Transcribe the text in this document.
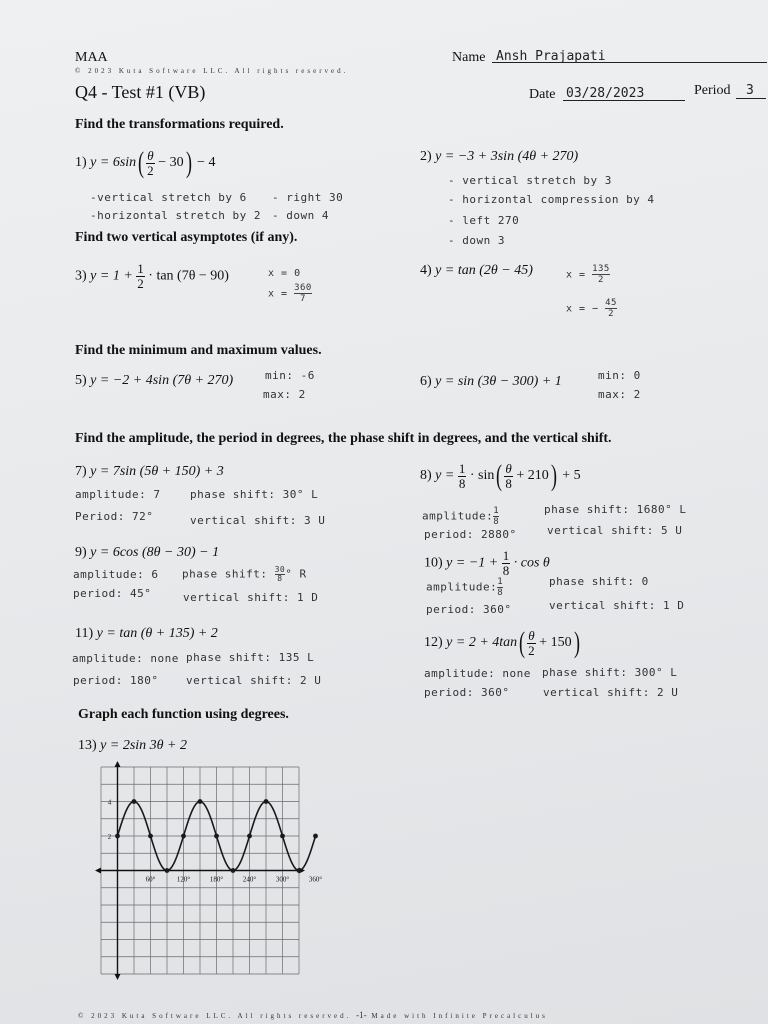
MAA
© 2023 Kuta Software LLC. All rights reserved.
Q4 - Test #1 (VB)
Name Ansh Prajapati
Date 03/28/2023	Period 3
Find the transformations required.
1) $y = 6\sin( \frac{\theta}{2} - 30) - 4$
-vertical stretch by 6
-horizontal stretch by 2
- right 30
- down 4
2) y = −3 + 3sin (4θ + 270)
- vertical stretch by 3
- horizontal compression by 4
- left 270
- down 3
Find two vertical asymptotes (if any).
3) $y = 1 + \frac{1}{2} \cdot \tan (7\theta - 90)$	x = 0
$x = \frac{360}{7}$
4) y = tan (2θ − 45)	$x = \frac{135}{2}$
x = − $\frac{45}{2}$
Find the minimum and maximum values.
5) y = −2 + 4sin (7θ + 270)	min: -6
max: 2
6) y = sin (3θ − 300) + 1	min: 0
max: 2
Find the amplitude, the period in degrees, the phase shift in degrees, and the vertical shift.
7) y = 7sin (5θ + 150) + 3
amplitude: 7
Period: 72°
phase shift: 30° L
vertical shift: 3 U
8) $y = \frac{1}{8} \cdot \sin( \frac{\theta}{8} + 210) + 5$
amplitude: $\frac{1}{8}$
period: 2880°
phase shift: 1680° L
vertical shift: 5 U
9) y = 6cos (8θ − 30) − 1
amplitude: 6
period: 45°
phase shift: $\frac{30}{8}$ ° R
vertical shift: 1 D
10) $y = -1 + \frac{1}{8} \cdot \cos \theta$
amplitude: $\frac{1}{8}$
period: 360°
phase shift: 0
vertical shift: 1 D
11) y = tan (θ + 135) + 2
amplitude: none
period: 180°
phase shift: 135 L
vertical shift: 2 U
12) $y = 2 + 4\tan( \frac{\theta}{2} + 150)$
amplitude: none
period: 360°
phase shift: 300° L
vertical shift: 2 U
Graph each function using degrees.
13) y = 2sin 3θ + 2
4
2
60°	120°	180°	240°	300°	360°
© 2023 Kuta Software LLC. All rights reserved. -1- Made with Infinite Precalculus
